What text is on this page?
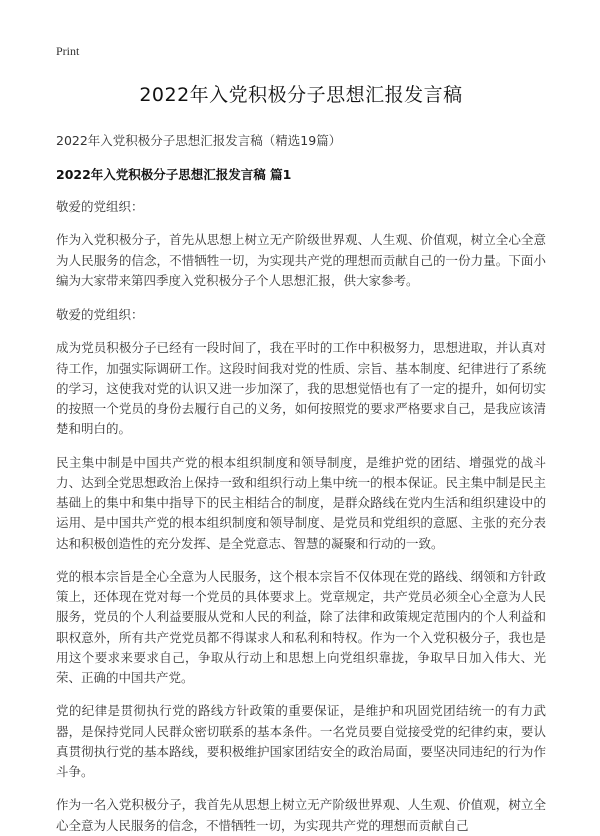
Print
2022年入党积极分子思想汇报发言稿
2022年入党积极分子思想汇报发言稿（精选19篇）
2022年入党积极分子思想汇报发言稿 篇1

敬爱的党组织：

作为入党积极分子，首先从思想上树立无产阶级世界观、人生观、价值观，树立全心全意为人民服务的信念，不惜牺牲一切，为实现共产党的理想而贡献自己的一份力量。下面小编为大家带来第四季度入党积极分子个人思想汇报，供大家参考。

敬爱的党组织：

成为党员积极分子已经有一段时间了，我在平时的工作中积极努力，思想进取，并认真对待工作，加强实际调研工作。这段时间我对党的性质、宗旨、基本制度、纪律进行了系统的学习，这使我对党的认识又进一步加深了，我的思想觉悟也有了一定的提升，如何切实的按照一个党员的身份去履行自己的义务，如何按照党的要求严格要求自己，是我应该清楚和明白的。

民主集中制是中国共产党的根本组织制度和领导制度，是维护党的团结、增强党的战斗力、达到全党思想政治上保持一致和组织行动上集中统一的根本保证。民主集中制是民主基础上的集中和集中指导下的民主相结合的制度，是群众路线在党内生活和组织建设中的运用、是中国共产党的根本组织制度和领导制度、是党员和党组织的意愿、主张的充分表达和积极创造性的充分发挥、是全党意志、智慧的凝聚和行动的一致。

党的根本宗旨是全心全意为人民服务，这个根本宗旨不仅体现在党的路线、纲领和方针政策上，还体现在党对每一个党员的具体要求上。党章规定，共产党员必须全心全意为人民服务，党员的个人利益要服从党和人民的利益，除了法律和政策规定范围内的个人利益和职权意外，所有共产党党员都不得谋求人和私利和特权。作为一个入党积极分子，我也是用这个要求来要求自己，争取从行动上和思想上向党组织靠拢，争取早日加入伟大、光荣、正确的中国共产党。

党的纪律是贯彻执行党的路线方针政策的重要保证，是维护和巩固党团结统一的有力武器，是保持党同人民群众密切联系的基本条件。一名党员要自觉接受党的纪律约束，要认真贯彻执行党的基本路线，要积极维护国家团结安全的政治局面，要坚决同违纪的行为作斗争。

作为一名入党积极分子，我首先从思想上树立无产阶级世界观、人生观、价值观，树立全心全意为人民服务的信念，不惜牺牲一切，为实现共产党的理想而贡献自己
